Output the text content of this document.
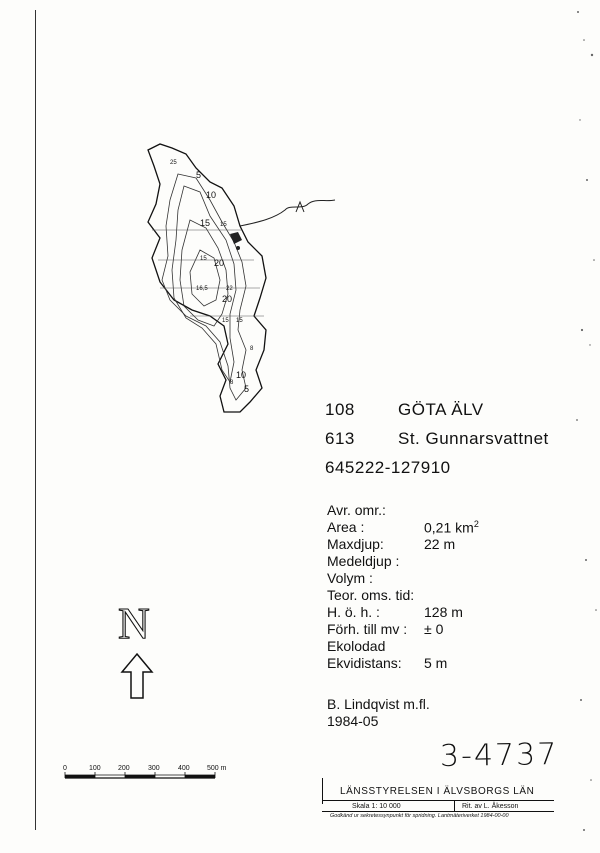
25
5
10
15 15
15 20
22
16,5
20
15 15
8
10
5
8
108	GÖTA ÄLV
613	St. Gunnarsvattnet
645222-127910
Avr. omr.:
Area :	0,21 $km^2$
Maxdjup:	22 m
Medeldjup :
Volym :
Teor. oms. tid:
H. ö. h. :	128 m
Förh. till mv : ± 0
Ekolodad
Ekvidistans: 5 m
B. Lindqvist m.fl.
1984-05
3-4737
N
0	100 200	300	400 500 m
LÄNSSTYRELSEN I ÄLVSBORGS LÄN
Skala 1: 10 000	Rit. av L. Åkesson
Godkänd ur sekretessynpunkt för spridning. Lantmäteriverket 1984-00-00
